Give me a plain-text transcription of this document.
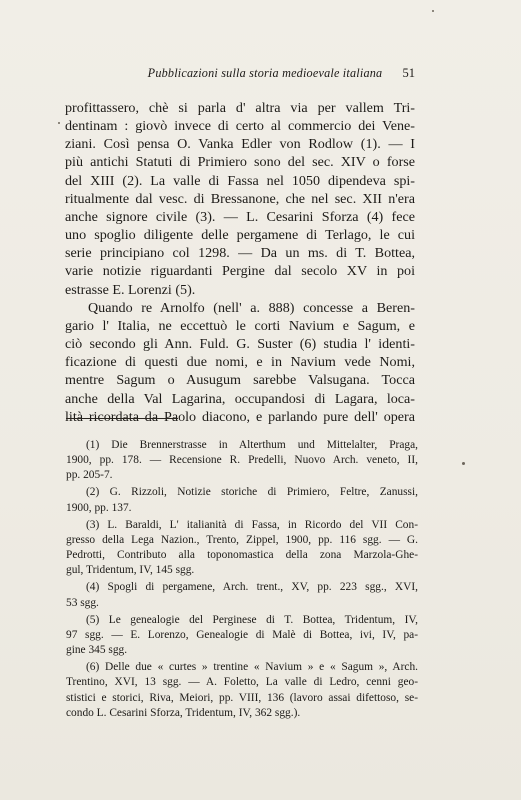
Pubblicazioni sulla storia medioevale italiana	51

profittassero, chè si parla d' altra via per vallem Tri-
dentinam : giovò invece di certo al commercio dei Vene-
ziani. Così pensa O. Vanka Edler von Rodlow (1). — I
più antichi Statuti di Primiero sono del sec. XIV o forse
del XIII (2). La valle di Fassa nel 1050 dipendeva spi-
ritualmente dal vesc. di Bressanone, che nel sec. XII n'era
anche signore civile (3). — L. Cesarini Sforza (4) fece
uno spoglio diligente delle pergamene di Terlago, le cui
serie principiano col 1298. — Da un ms. di T. Bottea,
varie notizie riguardanti Pergine dal secolo XV in poi
estrasse E. Lorenzi (5).

Quando re Arnolfo (nell' a. 888) concesse a Beren-
gario l' Italia, ne eccettuò le corti Navium e Sagum, e
ciò secondo gli Ann. Fuld. G. Suster (6) studia l' identi-
ficazione di questi due nomi, e in Navium vede Nomi,
mentre Sagum o Ausugum sarebbe Valsugana. Tocca
anche della Val Lagarina, occupandosi di Lagara, loca-
lità ricordata da Paolo diacono, e parlando pure dell' opera

(1) Die Brennerstrasse in Alterthum und Mittelalter, Praga,
1900, pp. 178. — Recensione R. Predelli, Nuovo Arch. veneto, II,
pp. 205-7.
(2) G. Rizzoli, Notizie storiche di Primiero, Feltre, Zanussi,
1900, pp. 137.
(3) L. Baraldi, L' italianità di Fassa, in Ricordo del VII Con-
gresso della Lega Nazion., Trento, Zippel, 1900, pp. 116 sgg. — G.
Pedrotti, Contributo alla toponomastica della zona Marzola-Ghe-
gul, Tridentum, IV, 145 sgg.
(4) Spogli di pergamene, Arch. trent., XV, pp. 223 sgg., XVI,
53 sgg.
(5) Le genealogie del Perginese di T. Bottea, Tridentum, IV,
97 sgg. — E. Lorenzo, Genealogie di Malè di Bottea, ivi, IV, pa-
gine 345 sgg.
(6) Delle due « curtes » trentine « Navium » e « Sagum », Arch.
Trentino, XVI, 13 sgg. — A. Foletto, La valle di Ledro, cenni geo-
stistici e storici, Riva, Meiori, pp. VIII, 136 (lavoro assai difettoso, se-
condo L. Cesarini Sforza, Tridentum, IV, 362 sgg.).
